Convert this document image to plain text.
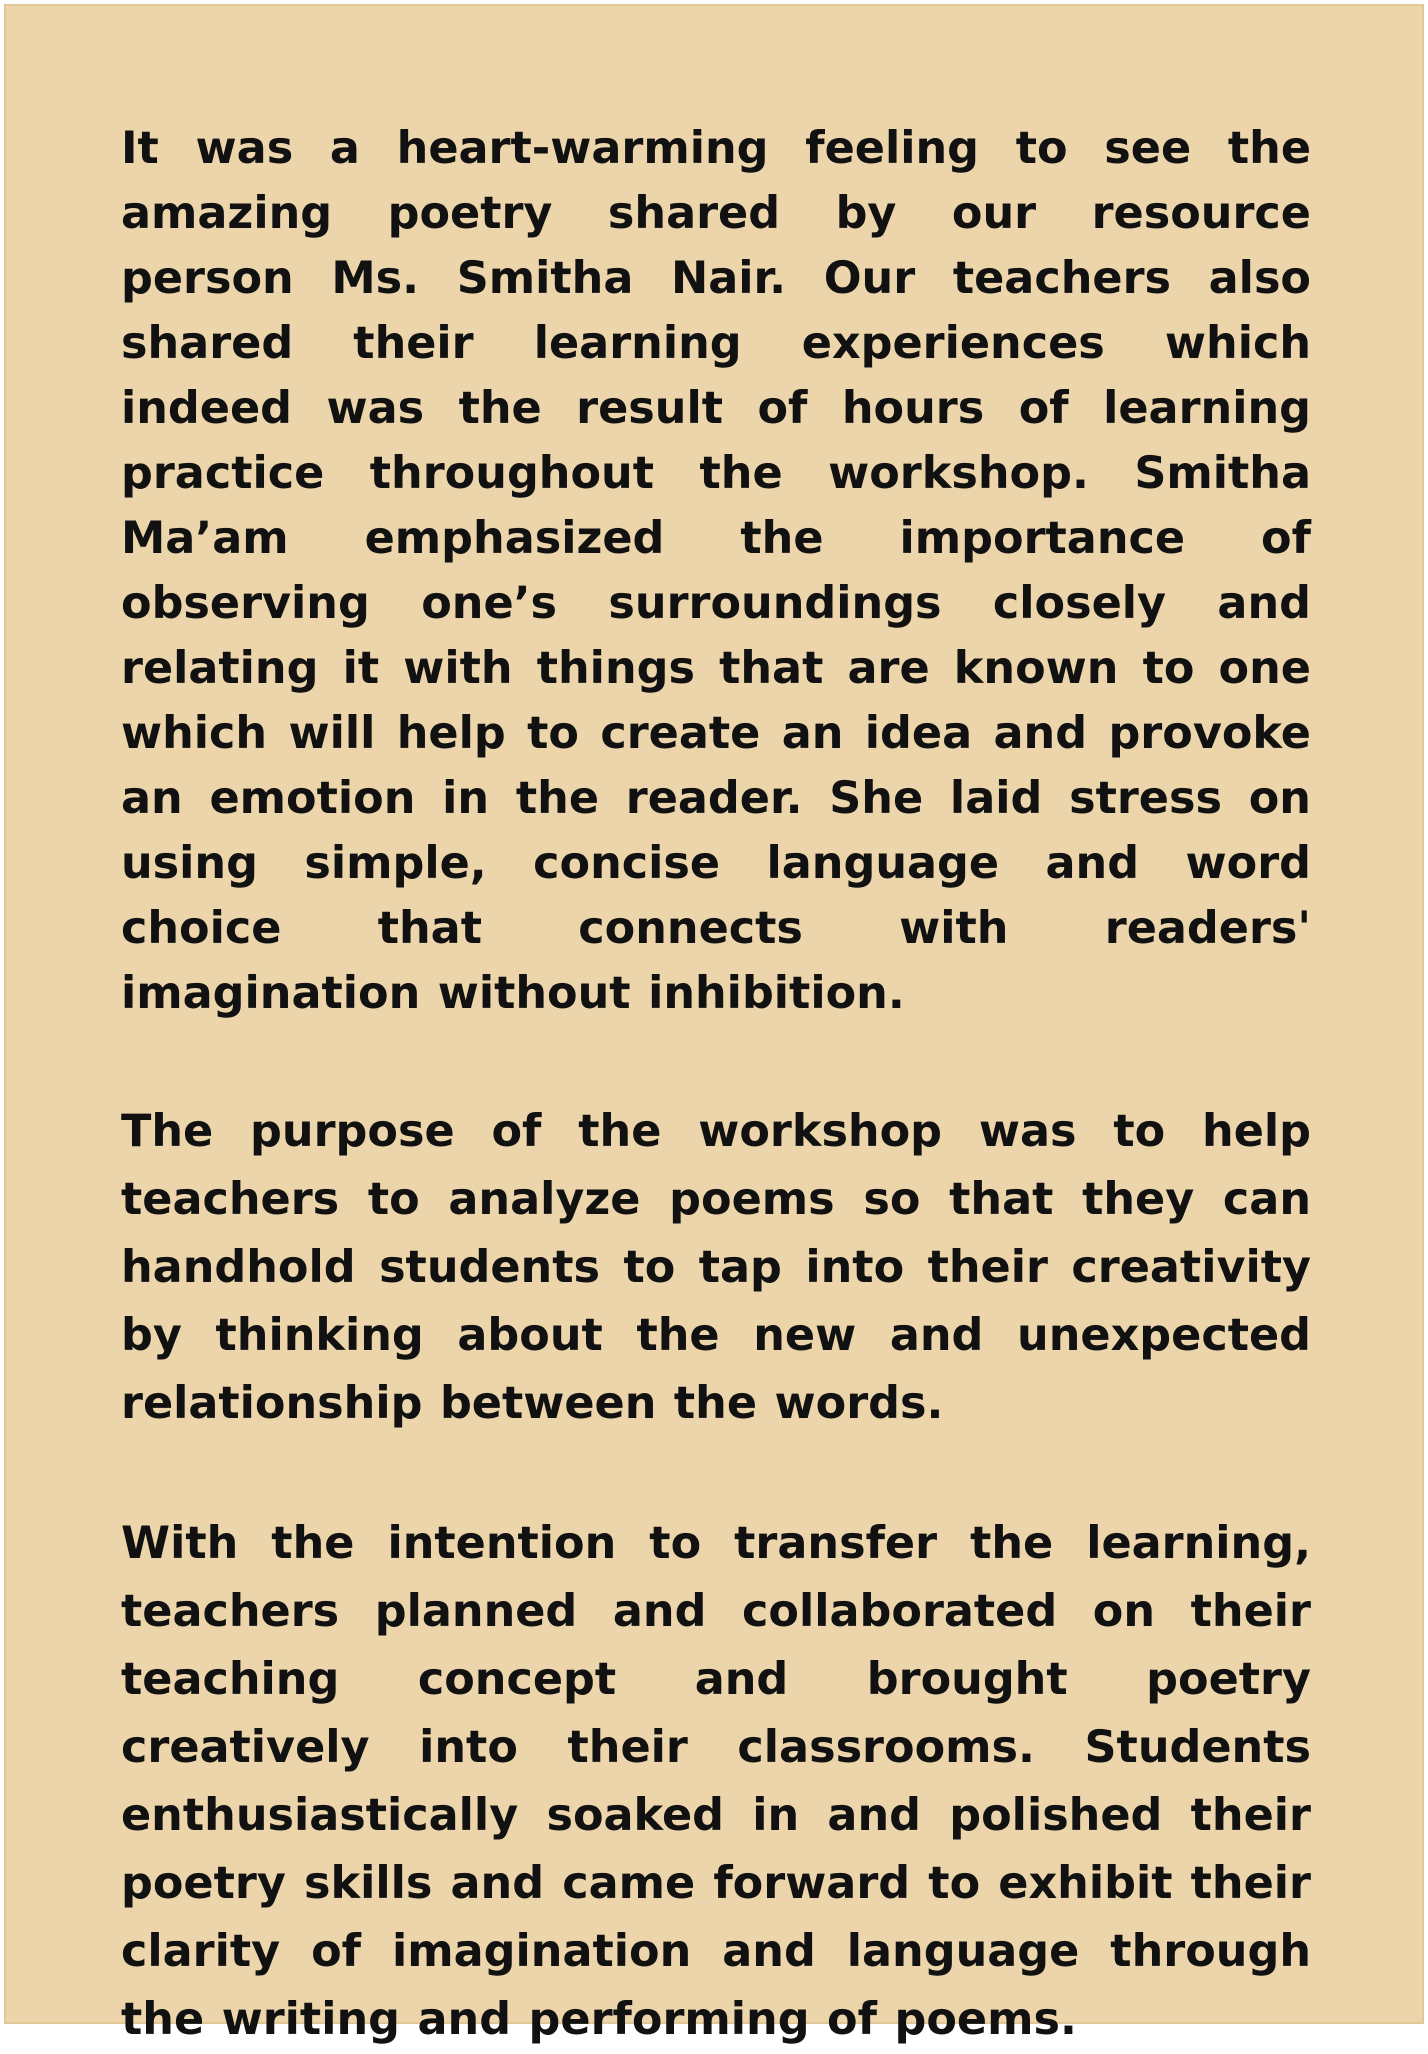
It was a heart-warming feeling to see the amazing poetry shared by our resource person Ms. Smitha Nair. Our teachers also shared their learning experiences which indeed was the result of hours of learning practice throughout the workshop. Smitha Ma’am emphasized the importance of observing one’s surroundings closely and relating it with things that are known to one which will help to create an idea and provoke an emotion in the reader. She laid stress on using simple, concise language and word choice that connects with readers' imagination without inhibition.

The purpose of the workshop was to help teachers to analyze poems so that they can handhold students to tap into their creativity by thinking about the new and unexpected relationship between the words.

With the intention to transfer the learning, teachers planned and collaborated on their teaching concept and brought poetry creatively into their classrooms. Students enthusiastically soaked in and polished their poetry skills and came forward to exhibit their clarity of imagination and language through the writing and performing of poems.
